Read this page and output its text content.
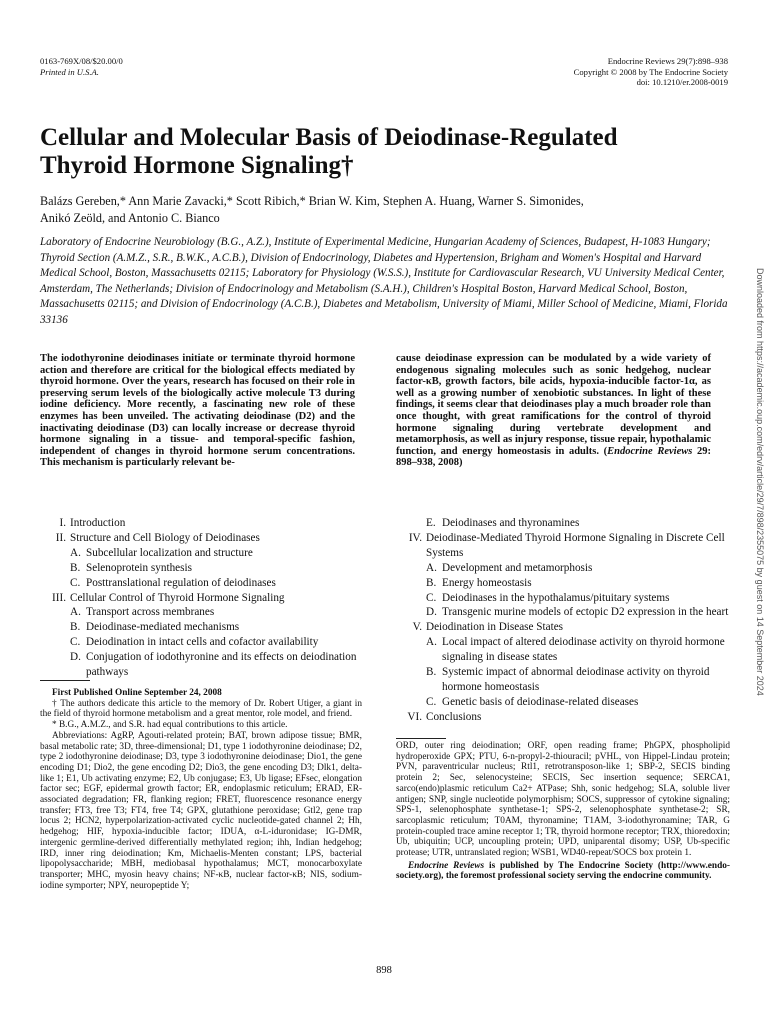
0163-769X/08/$20.00/0
Printed in U.S.A.
Endocrine Reviews 29(7):898–938
Copyright © 2008 by The Endocrine Society
doi: 10.1210/er.2008-0019
Cellular and Molecular Basis of Deiodinase-Regulated
Thyroid Hormone Signaling†
Balázs Gereben,* Ann Marie Zavacki,* Scott Ribich,* Brian W. Kim, Stephen A. Huang, Warner S. Simonides,
Anikó Zeöld, and Antonio C. Bianco
Laboratory of Endocrine Neurobiology (B.G., A.Z.), Institute of Experimental Medicine, Hungarian Academy of Sciences, Budapest, H-1083 Hungary; Thyroid Section (A.M.Z., S.R., B.W.K., A.C.B.), Division of Endocrinology, Diabetes and Hypertension, Brigham and Women's Hospital and Harvard Medical School, Boston, Massachusetts 02115; Laboratory for Physiology (W.S.S.), Institute for Cardiovascular Research, VU University Medical Center, Amsterdam, The Netherlands; Division of Endocrinology and Metabolism (S.A.H.), Children's Hospital Boston, Harvard Medical School, Boston, Massachusetts 02115; and Division of Endocrinology (A.C.B.), Diabetes and Metabolism, University of Miami, Miller School of Medicine, Miami, Florida 33136
The iodothyronine deiodinases initiate or terminate thyroid hormone action and therefore are critical for the biological effects mediated by thyroid hormone. Over the years, research has focused on their role in preserving serum levels of the biologically active molecule T3 during iodine deficiency. More recently, a fascinating new role of these enzymes has been unveiled. The activating deiodinase (D2) and the inactivating deiodinase (D3) can locally increase or decrease thyroid hormone signaling in a tissue- and temporal-specific fashion, independent of changes in thyroid hormone serum concentrations. This mechanism is particularly relevant be-
cause deiodinase expression can be modulated by a wide variety of endogenous signaling molecules such as sonic hedgehog, nuclear factor-κB, growth factors, bile acids, hypoxia-inducible factor-1α, as well as a growing number of xenobiotic substances. In light of these findings, it seems clear that deiodinases play a much broader role than once thought, with great ramifications for the control of thyroid hormone signaling during vertebrate development and metamorphosis, as well as injury response, tissue repair, hypothalamic function, and energy homeostasis in adults. (Endocrine Reviews 29: 898–938, 2008)
I. Introduction
II. Structure and Cell Biology of Deiodinases
A. Subcellular localization and structure
B. Selenoprotein synthesis
C. Posttranslational regulation of deiodinases
III. Cellular Control of Thyroid Hormone Signaling
A. Transport across membranes
B. Deiodinase-mediated mechanisms
C. Deiodination in intact cells and cofactor availability
D. Conjugation of iodothyronine and its effects on deiodination pathways
E. Deiodinases and thyronamines
IV. Deiodinase-Mediated Thyroid Hormone Signaling in Discrete Cell Systems
A. Development and metamorphosis
B. Energy homeostasis
C. Deiodinases in the hypothalamus/pituitary systems
D. Transgenic murine models of ectopic D2 expression in the heart
V. Deiodination in Disease States
A. Local impact of altered deiodinase activity on thyroid hormone signaling in disease states
B. Systemic impact of abnormal deiodinase activity on thyroid hormone homeostasis
C. Genetic basis of deiodinase-related diseases
VI. Conclusions

First Published Online September 24, 2008

† The authors dedicate this article to the memory of Dr. Robert Utiger, a giant in the field of thyroid hormone metabolism and a great mentor, role model, and friend.

* B.G., A.M.Z., and S.R. had equal contributions to this article.

Abbreviations: AgRP, Agouti-related protein; BAT, brown adipose tissue; BMR, basal metabolic rate; 3D, three-dimensional; D1, type 1 iodothyronine deiodinase; D2, type 2 iodothyronine deiodinase; D3, type 3 iodothyronine deiodinase; Dio1, the gene encoding D1; Dio2, the gene encoding D2; Dio3, the gene encoding D3; Dlk1, delta-like 1; E1, Ub activating enzyme; E2, Ub conjugase; E3, Ub ligase; EFsec, elongation factor sec; EGF, epidermal growth factor; ER, endoplasmic reticulum; ERAD, ER-associated degradation; FR, flanking region; FRET, fluorescence resonance energy transfer; FT3, free T3; FT4, free T4; GPX, glutathione peroxidase; Gtl2, gene trap locus 2; HCN2, hyperpolarization-activated cyclic nucleotide-gated channel 2; Hh, hedgehog; HIF, hypoxia-inducible factor; IDUA, α-L-iduronidase; IG-DMR, intergenic germline-derived differentially methylated region; ihh, Indian hedgehog; IRD, inner ring deiodination; Km, Michaelis-Menten constant; LPS, bacterial lipopolysaccharide; MBH, mediobasal hypothalamus; MCT, monocarboxylate transporter; MHC, myosin heavy chains; NF-κB, nuclear factor-κB; NIS, sodium-iodine symporter; NPY, neuropeptide Y;

ORD, outer ring deiodination; ORF, open reading frame; PhGPX, phospholipid hydroperoxide GPX; PTU, 6-n-propyl-2-thiouracil; pVHL, von Hippel-Lindau protein; PVN, paraventricular nucleus; Rtl1, retrotransposon-like 1; SBP-2, SECIS binding protein 2; Sec, selenocysteine; SECIS, Sec insertion sequence; SERCA1, sarco(endo)plasmic reticulum Ca2+ ATPase; Shh, sonic hedgehog; SLA, soluble liver antigen; SNP, single nucleotide polymorphism; SOCS, suppressor of cytokine signaling; SPS-1, selenophosphate synthetase-1; SPS-2, selenophosphate synthetase-2; SR, sarcoplasmic reticulum; T0AM, thyronamine; T1AM, 3-iodothyronamine; TAR, G protein-coupled trace amine receptor 1; TR, thyroid hormone receptor; TRX, thioredoxin; Ub, ubiquitin; UCP, uncoupling protein; UPD, uniparental disomy; USP, Ub-specific protease; UTR, untranslated region; WSB1, WD40-repeat/SOCS box protein 1.

Endocrine Reviews is published by The Endocrine Society (http://www.endo-society.org), the foremost professional society serving the endocrine community.

898
Downloaded from https://academic.oup.com/edrv/article/29/7/898/2355075 by guest on 14 September 2024
